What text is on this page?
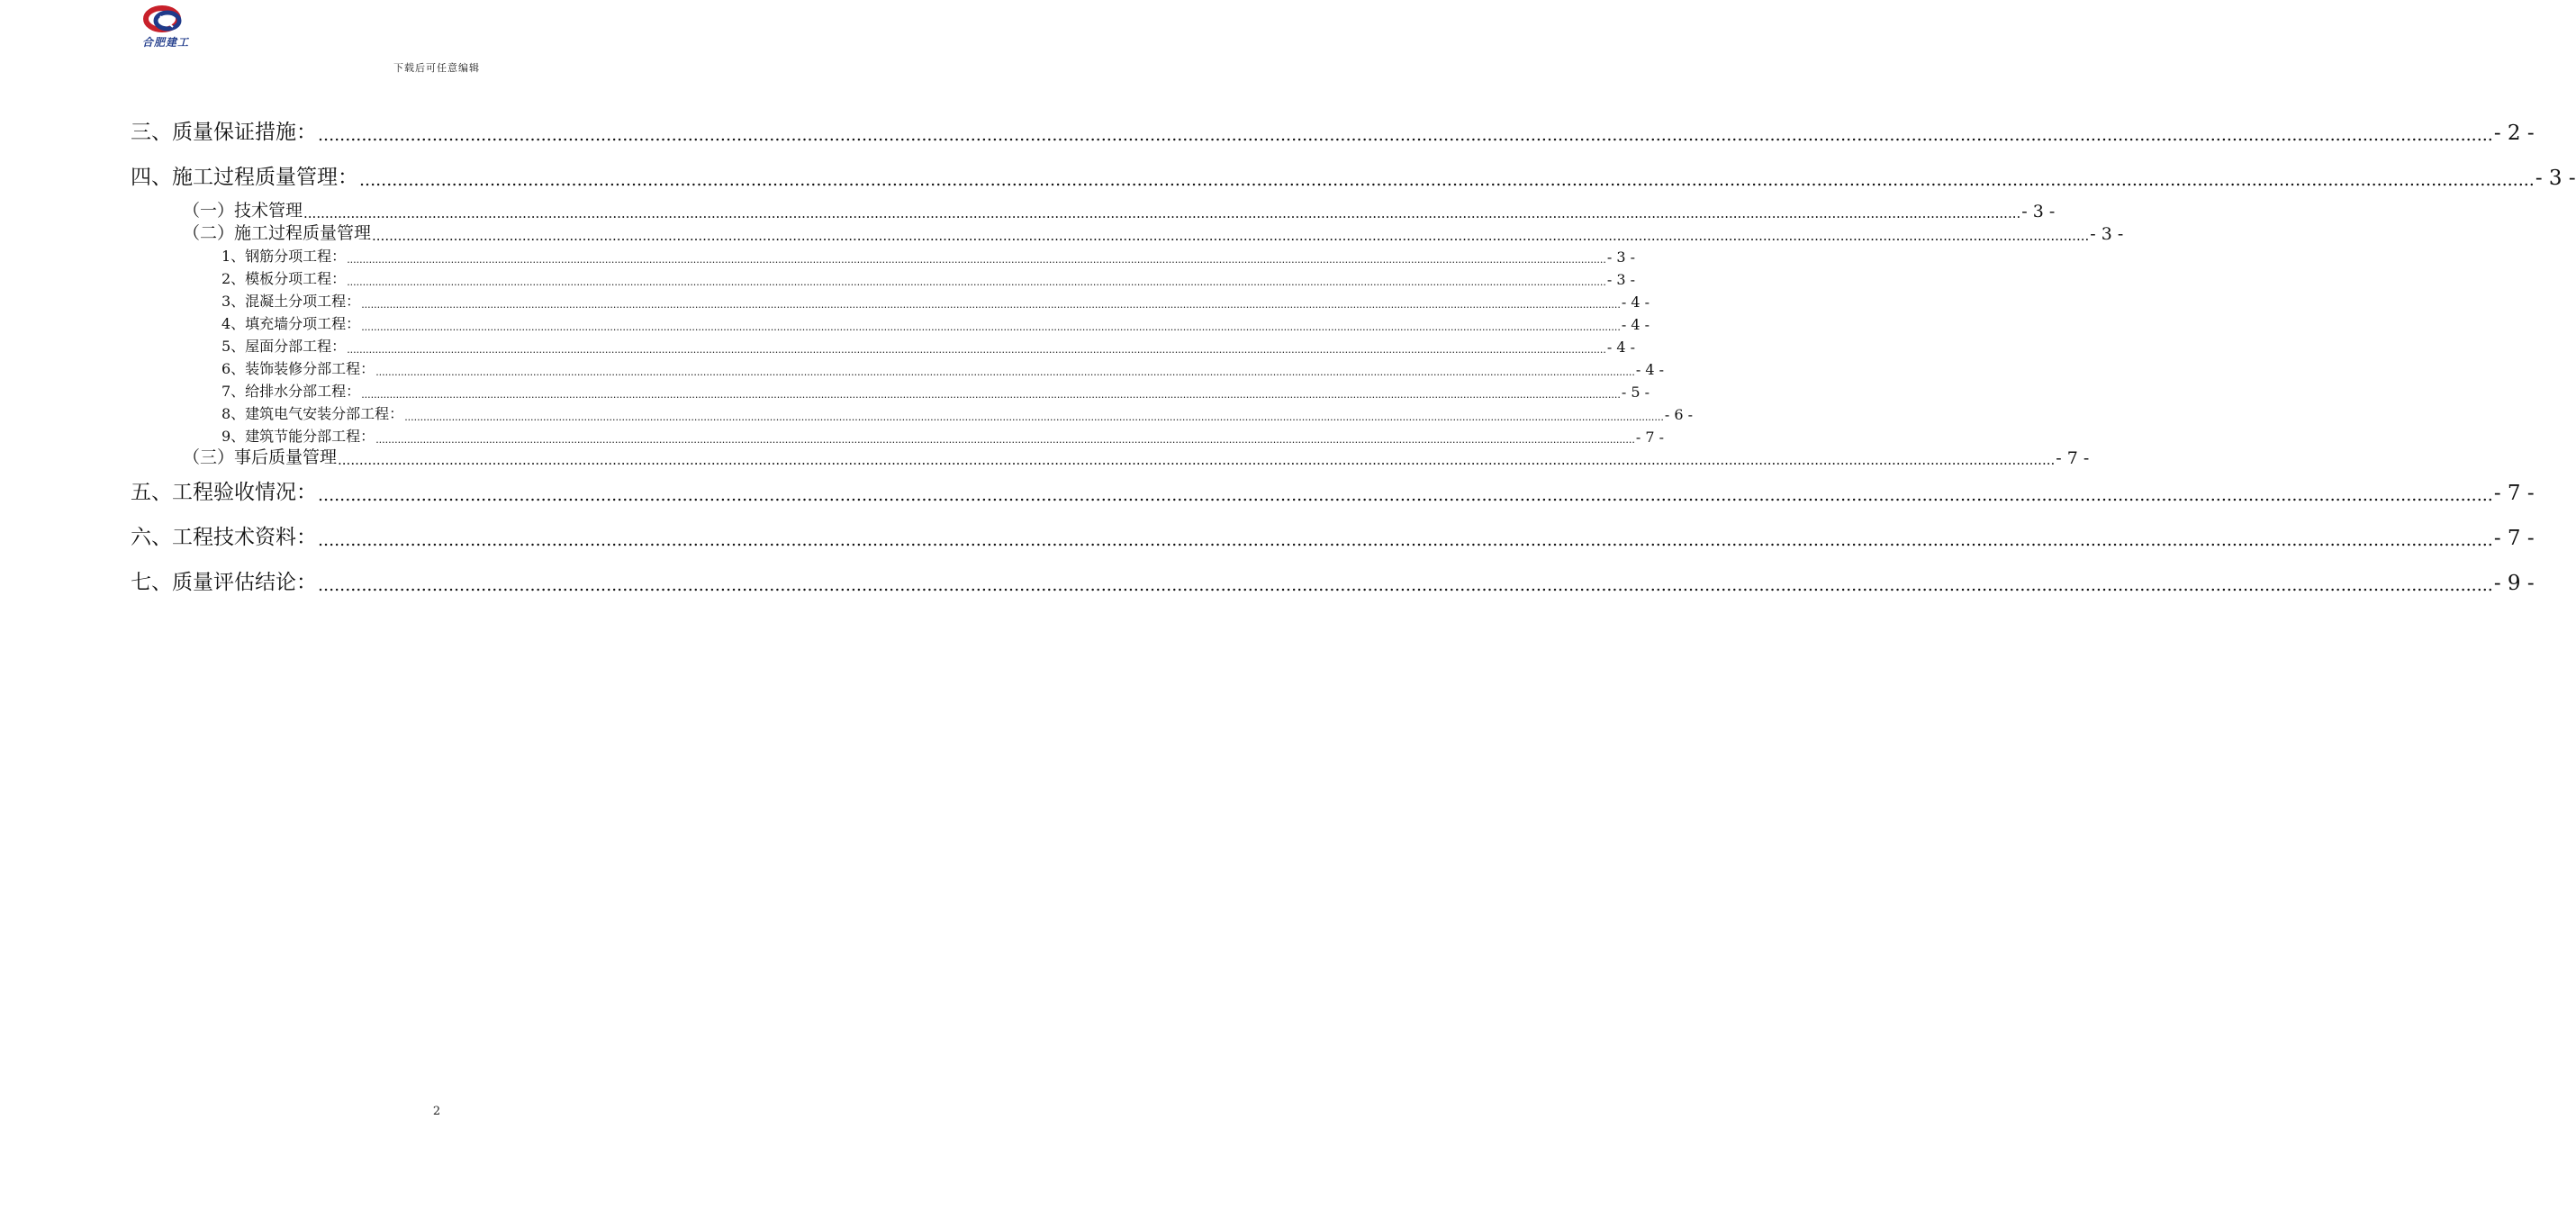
合肥建工
下载后可任意编辑
三、质量保证措施： ................................................................................................................................................................................................................................................................................................................................................................................................................ - 2 -
四、施工过程质量管理： ................................................................................................................................................................................................................................................................................................................................................................................................................ - 3 -
（一）技术管理 ................................................................................................................................................................................................................................................................................................................................................................................................................ - 3 -
（二）施工过程质量管理 ................................................................................................................................................................................................................................................................................................................................................................................................................ - 3 -
1、钢筋分项工程： ................................................................................................................................................................................................................................................................................................................................................................................................................ - 3 -
2、模板分项工程： ................................................................................................................................................................................................................................................................................................................................................................................................................ - 3 -
3、混凝土分项工程： ................................................................................................................................................................................................................................................................................................................................................................................................................ - 4 -
4、填充墙分项工程： ................................................................................................................................................................................................................................................................................................................................................................................................................ - 4 -
5、屋面分部工程： ................................................................................................................................................................................................................................................................................................................................................................................................................ - 4 -
6、装饰装修分部工程： ................................................................................................................................................................................................................................................................................................................................................................................................................ - 4 -
7、给排水分部工程： ................................................................................................................................................................................................................................................................................................................................................................................................................ - 5 -
8、建筑电气安装分部工程： ................................................................................................................................................................................................................................................................................................................................................................................................................ - 6 -
9、建筑节能分部工程： ................................................................................................................................................................................................................................................................................................................................................................................................................ - 7 -
（三）事后质量管理 ................................................................................................................................................................................................................................................................................................................................................................................................................ - 7 -
五、工程验收情况： ................................................................................................................................................................................................................................................................................................................................................................................................................ - 7 -
六、工程技术资料： ................................................................................................................................................................................................................................................................................................................................................................................................................ - 7 -
七、质量评估结论： ................................................................................................................................................................................................................................................................................................................................................................................................................ - 9 -
2
